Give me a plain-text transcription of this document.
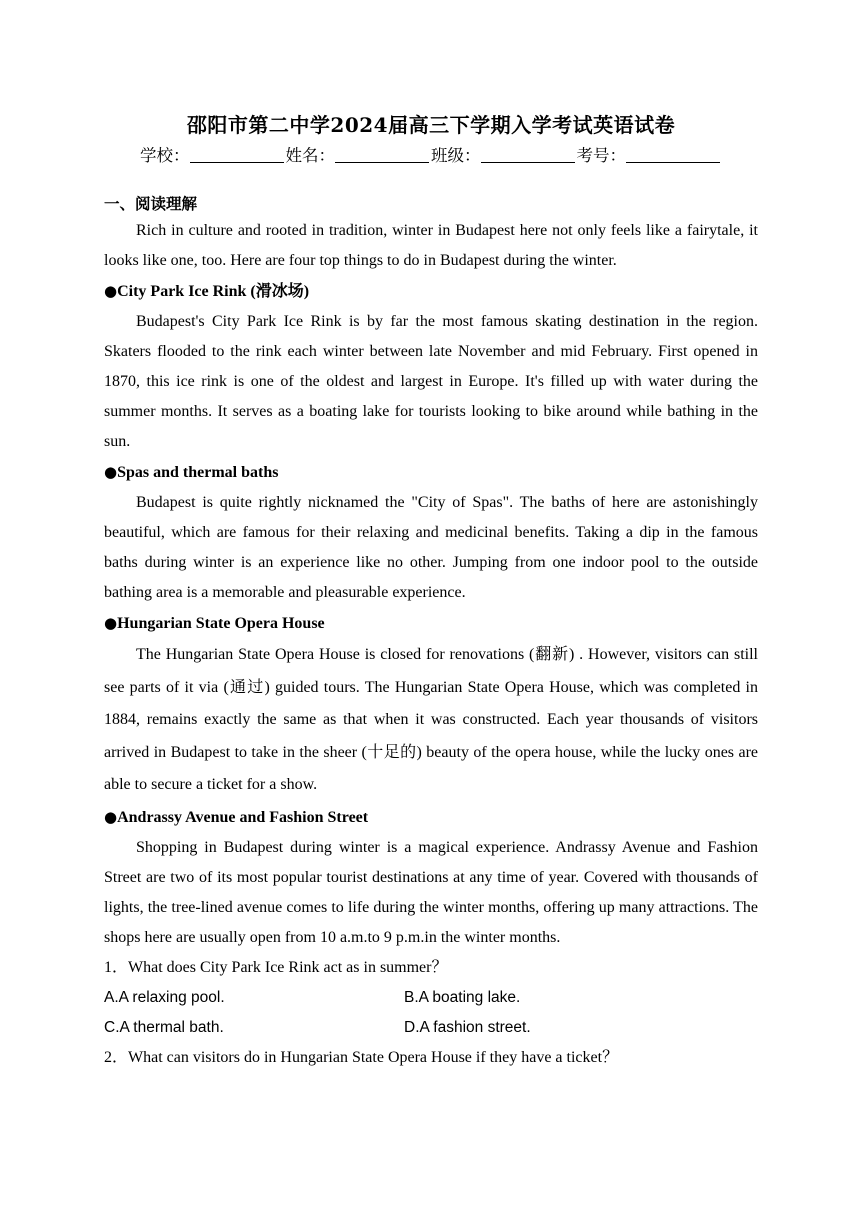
邵阳市第二中学2024届高三下学期入学考试英语试卷
学校：	姓名：	班级：	考号：
一、阅读理解

Rich in culture and rooted in tradition, winter in Budapest here not only feels like a fairytale, it looks like one, too. Here are four top things to do in Budapest during the winter.

●City Park Ice Rink (滑冰场)

Budapest's City Park Ice Rink is by far the most famous skating destination in the region. Skaters flooded to the rink each winter between late November and mid February. First opened in 1870, this ice rink is one of the oldest and largest in Europe. It's filled up with water during the summer months. It serves as a boating lake for tourists looking to bike around while bathing in the sun.

●Spas and thermal baths

Budapest is quite rightly nicknamed the "City of Spas". The baths of here are astonishingly beautiful, which are famous for their relaxing and medicinal benefits. Taking a dip in the famous baths during winter is an experience like no other. Jumping from one indoor pool to the outside bathing area is a memorable and pleasurable experience.

●Hungarian State Opera House

The Hungarian State Opera House is closed for renovations (翻新) . However, visitors can still see parts of it via (通过) guided tours. The Hungarian State Opera House, which was completed in 1884, remains exactly the same as that when it was constructed. Each year thousands of visitors arrived in Budapest to take in the sheer (十足的) beauty of the opera house, while the lucky ones are able to secure a ticket for a show.

●Andrassy Avenue and Fashion Street

Shopping in Budapest during winter is a magical experience. Andrassy Avenue and Fashion Street are two of its most popular tourist destinations at any time of year. Covered with thousands of lights, the tree-lined avenue comes to life during the winter months, offering up many attractions. The shops here are usually open from 10 a.m.to 9 p.m.in the winter months.

1．What does City Park Ice Rink act as in summer？

A.A relaxing pool.	B.A boating lake.
C.A thermal bath.	D.A fashion street.

2．What can visitors do in Hungarian State Opera House if they have a ticket？
